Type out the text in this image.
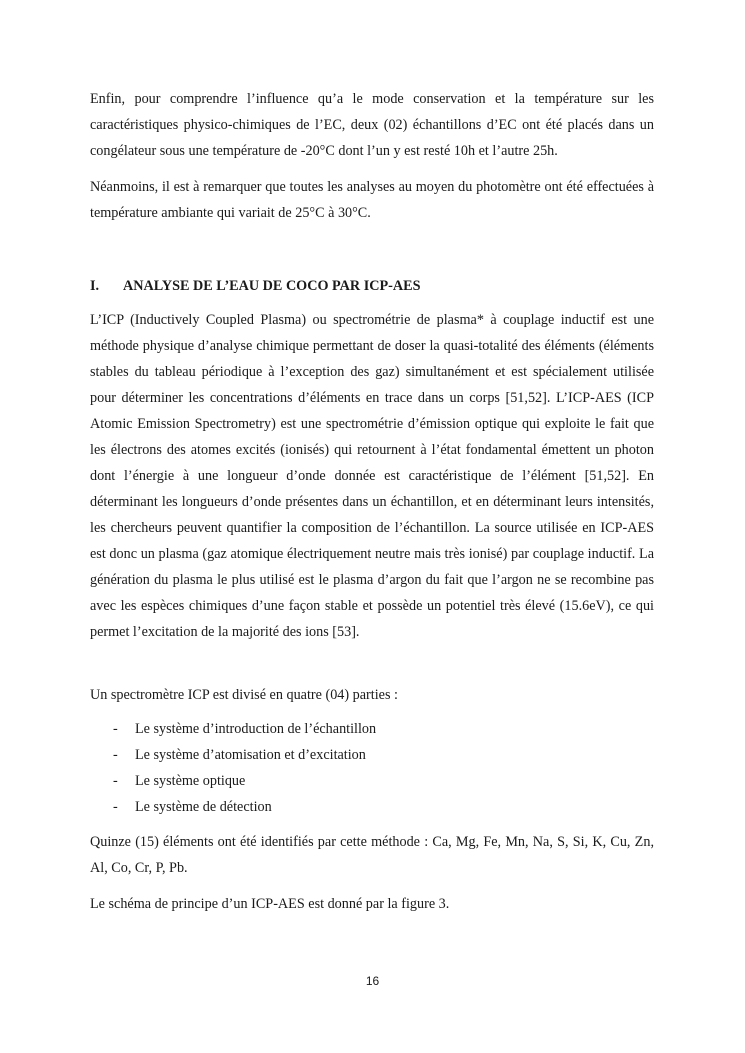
Enfin, pour comprendre l’influence qu’a le mode conservation et la température sur les caractéristiques physico-chimiques de l’EC, deux (02) échantillons d’EC ont été placés dans un congélateur sous une température de -20°C dont l’un y est resté 10h et l’autre 25h.

Néanmoins, il est à remarquer que toutes les analyses au moyen du photomètre ont été effectuées à température ambiante qui variait de 25°C à 30°C.

I. ANALYSE DE L’EAU DE COCO PAR ICP-AES

L’ICP (Inductively Coupled Plasma) ou spectrométrie de plasma* à couplage inductif est une méthode physique d’analyse chimique permettant de doser la quasi-totalité des éléments (éléments stables du tableau périodique à l’exception des gaz) simultanément et est spécialement utilisée pour déterminer les concentrations d’éléments en trace dans un corps [51,52]. L’ICP-AES (ICP Atomic Emission Spectrometry) est une spectrométrie d’émission optique qui exploite le fait que les électrons des atomes excités (ionisés) qui retournent à l’état fondamental émettent un photon dont l’énergie à une longueur d’onde donnée est caractéristique de l’élément [51,52]. En déterminant les longueurs d’onde présentes dans un échantillon, et en déterminant leurs intensités, les chercheurs peuvent quantifier la composition de l’échantillon. La source utilisée en ICP-AES est donc un plasma (gaz atomique électriquement neutre mais très ionisé) par couplage inductif. La génération du plasma le plus utilisé est le plasma d’argon du fait que l’argon ne se recombine pas avec les espèces chimiques d’une façon stable et possède un potentiel très élevé (15.6eV), ce qui permet l’excitation de la majorité des ions [53].

Un spectromètre ICP est divisé en quatre (04) parties :

- Le système d’introduction de l’échantillon
- Le système d’atomisation et d’excitation
- Le système optique
- Le système de détection

Quinze (15) éléments ont été identifiés par cette méthode : Ca, Mg, Fe, Mn, Na, S, Si, K, Cu, Zn, Al, Co, Cr, P, Pb.

Le schéma de principe d’un ICP-AES est donné par la figure 3.

16
